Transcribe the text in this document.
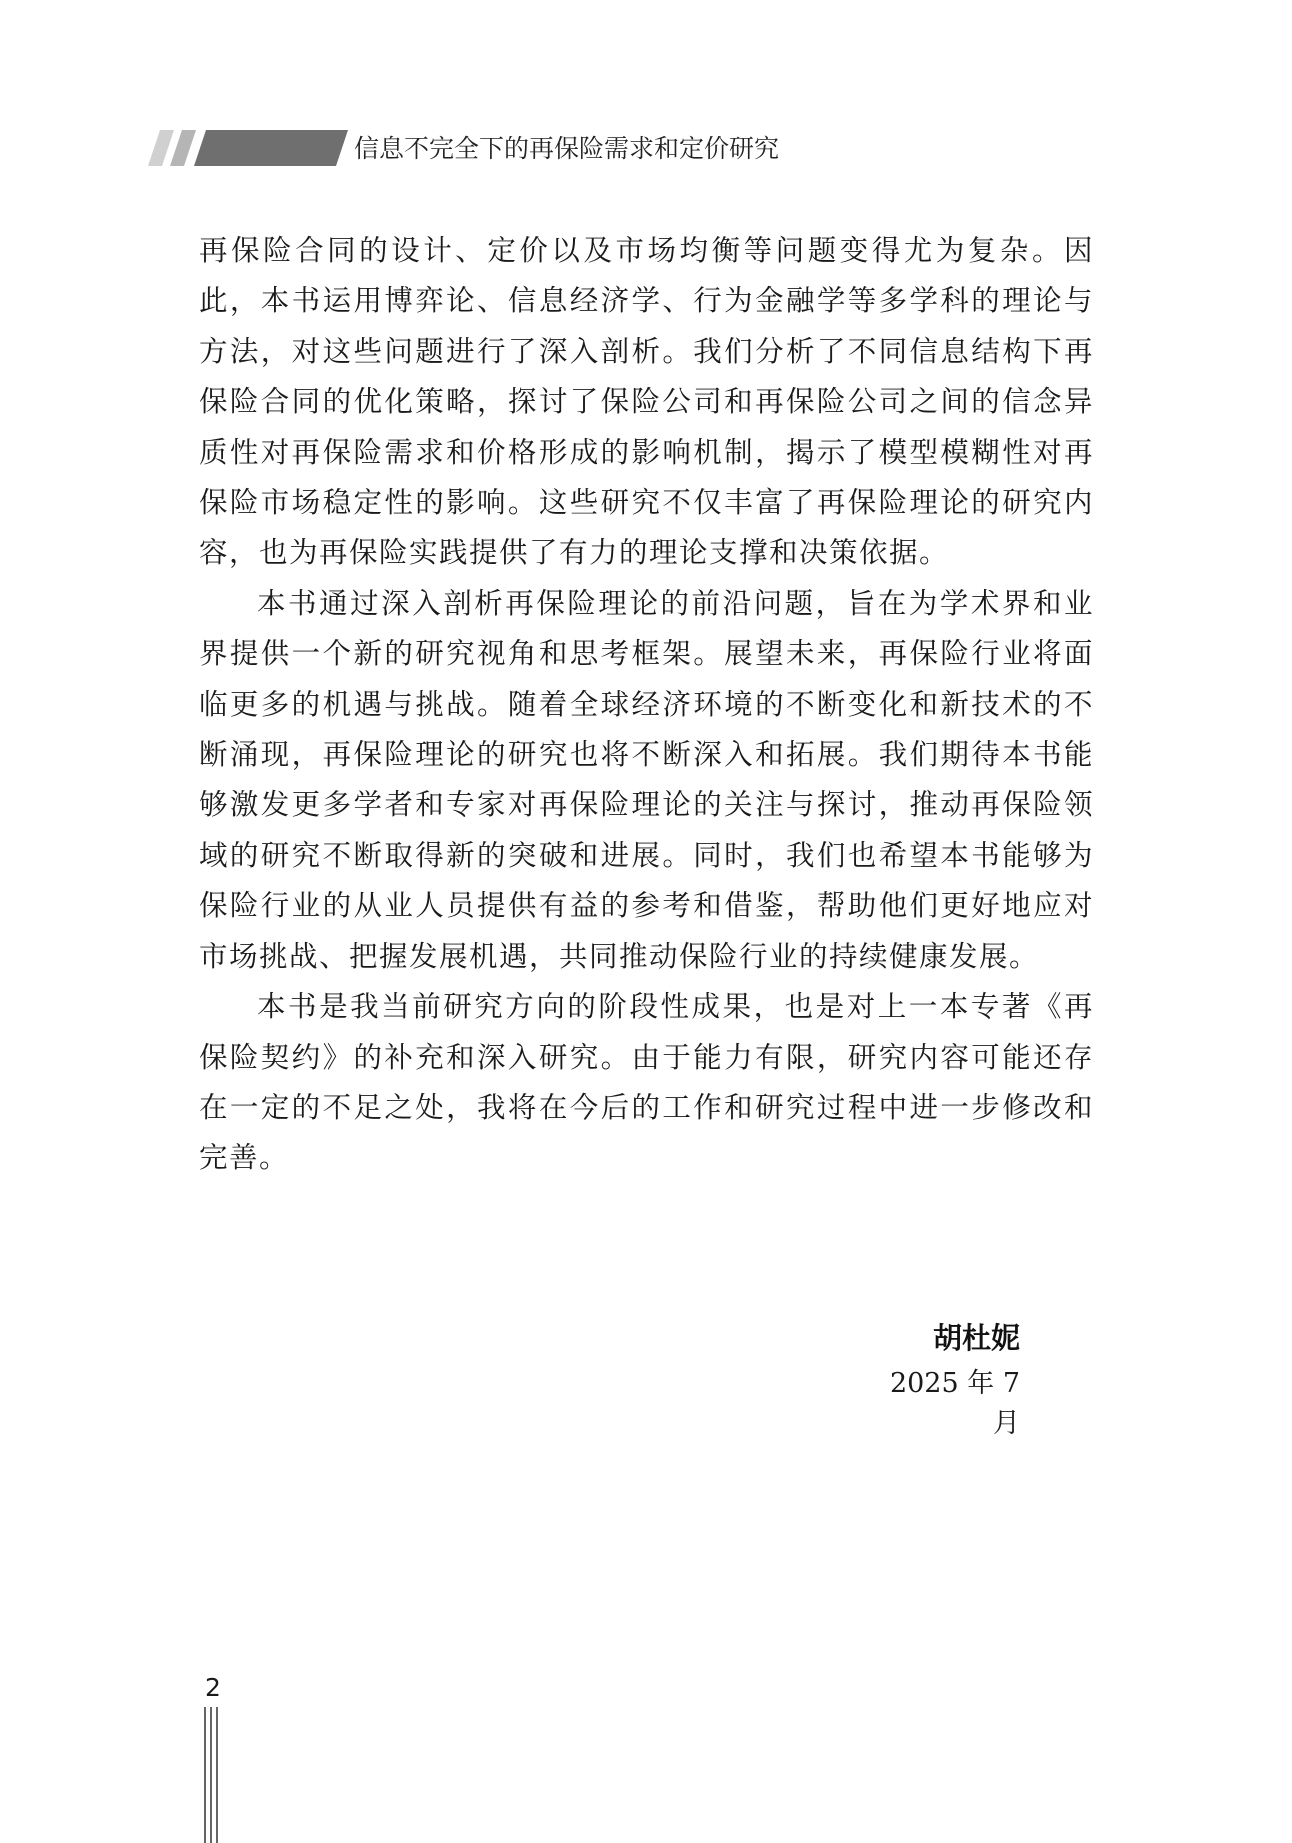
信息不完全下的再保险需求和定价研究

再保险合同的设计、定价以及市场均衡等问题变得尤为复杂。因此，本书运用博弈论、信息经济学、行为金融学等多学科的理论与方法，对这些问题进行了深入剖析。我们分析了不同信息结构下再保险合同的优化策略，探讨了保险公司和再保险公司之间的信念异质性对再保险需求和价格形成的影响机制，揭示了模型模糊性对再保险市场稳定性的影响。这些研究不仅丰富了再保险理论的研究内容，也为再保险实践提供了有力的理论支撑和决策依据。

本书通过深入剖析再保险理论的前沿问题，旨在为学术界和业界提供一个新的研究视角和思考框架。展望未来，再保险行业将面临更多的机遇与挑战。随着全球经济环境的不断变化和新技术的不断涌现，再保险理论的研究也将不断深入和拓展。我们期待本书能够激发更多学者和专家对再保险理论的关注与探讨，推动再保险领域的研究不断取得新的突破和进展。同时，我们也希望本书能够为保险行业的从业人员提供有益的参考和借鉴，帮助他们更好地应对市场挑战、把握发展机遇，共同推动保险行业的持续健康发展。

本书是我当前研究方向的阶段性成果，也是对上一本专著《再保险契约》的补充和深入研究。由于能力有限，研究内容可能还存在一定的不足之处，我将在今后的工作和研究过程中进一步修改和完善。

胡杜妮
2025 年 7 月
2
